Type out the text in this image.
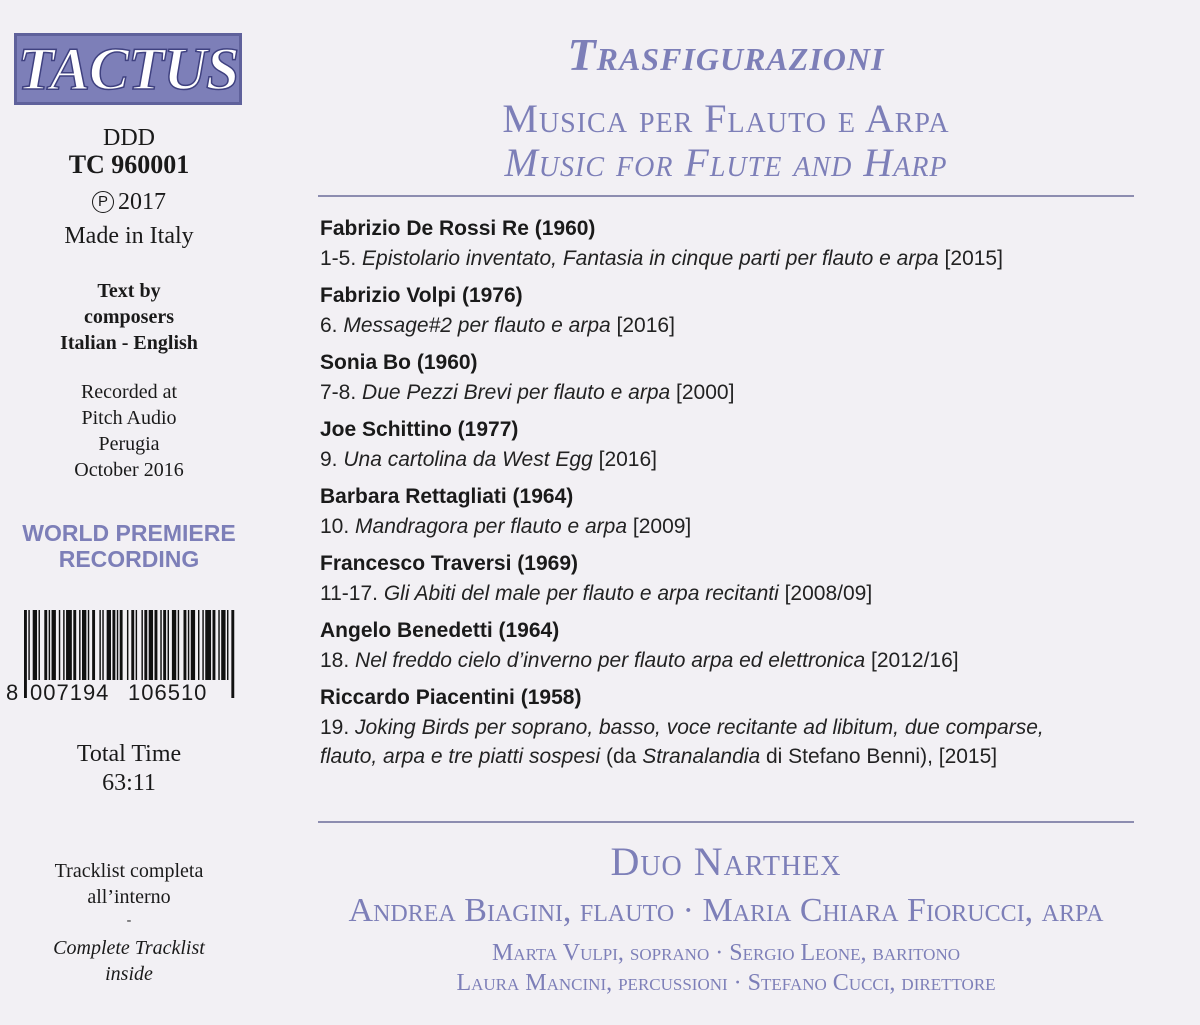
TACTUS
DDD
TC 960001
P 2017
Made in Italy
Text by
composers
Italian - English
Recorded at
Pitch Audio
Perugia
October 2016
WORLD PREMIERE
RECORDING
8 007194 106510
Total Time
63:11
Tracklist completa
all’interno
-
Complete Tracklist
inside
Trasfigurazioni
Musica per Flauto e Arpa
Music for Flute and Harp
Fabrizio De Rossi Re (1960)
1-5. Epistolario inventato, Fantasia in cinque parti per flauto e arpa [2015]
Fabrizio Volpi (1976)
6. Message#2 per flauto e arpa [2016]
Sonia Bo (1960)
7-8. Due Pezzi Brevi per flauto e arpa [2000]
Joe Schittino (1977)
9. Una cartolina da West Egg [2016]
Barbara Rettagliati (1964)
10. Mandragora per flauto e arpa [2009]
Francesco Traversi (1969)
11-17. Gli Abiti del male per flauto e arpa recitanti [2008/09]
Angelo Benedetti (1964)
18. Nel freddo cielo d’inverno per flauto arpa ed elettronica [2012/16]
Riccardo Piacentini (1958)
19. Joking Birds per soprano, basso, voce recitante ad libitum, due comparse,
flauto, arpa e tre piatti sospesi (da Stranalandia di Stefano Benni), [2015]
Duo Narthex
Andrea Biagini, flauto · Maria Chiara Fiorucci, arpa
Marta Vulpi, soprano · Sergio Leone, baritono
Laura Mancini, percussioni · Stefano Cucci, direttore
